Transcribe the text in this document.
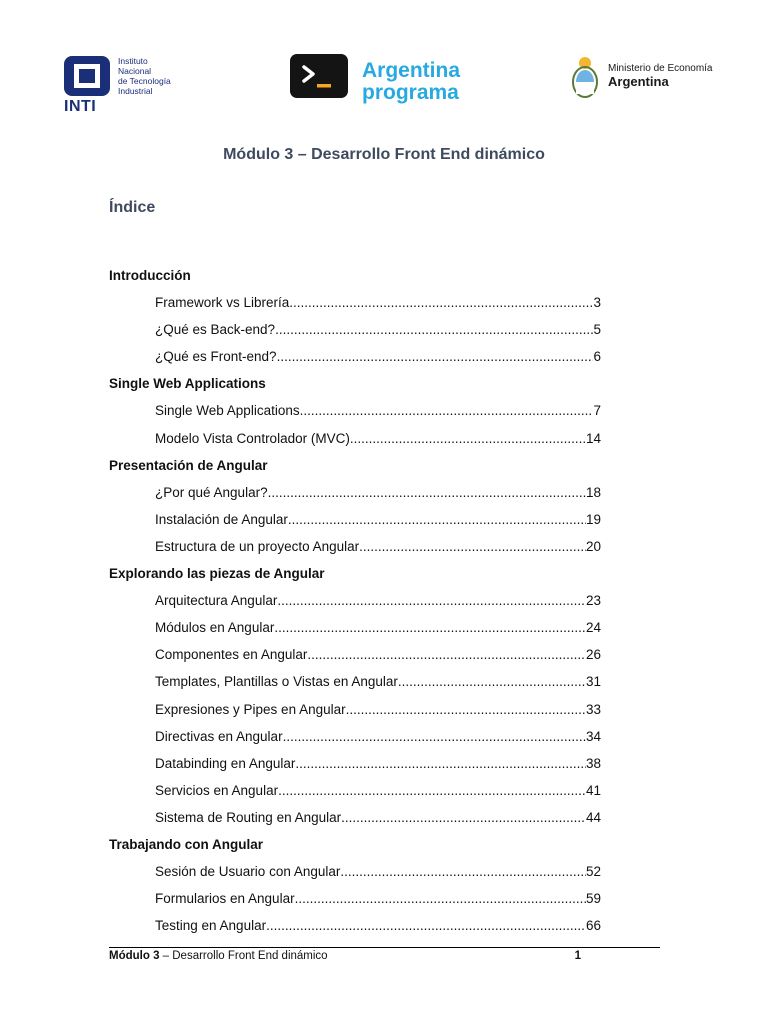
Instituto
Nacional
de Tecnología
Industrial
INTI
Argentina
programa
Ministerio de Economía
Argentina
Módulo 3 – Desarrollo Front End dinámico
Índice
Introducción
Framework vs Librería .....	3
¿Qué es Back-end? .....	5
¿Qué es Front-end? .....	6
Single Web Applications
Single Web Applications .....	7
Modelo Vista Controlador (MVC) .....	14
Presentación de Angular
¿Por qué Angular? .....	18
Instalación de Angular .....	19
Estructura de un proyecto Angular .....	20
Explorando las piezas de Angular
Arquitectura Angular .....	23
Módulos en Angular .....	24
Componentes en Angular .....	26
Templates, Plantillas o Vistas en Angular .....	31
Expresiones y Pipes en Angular .....	33
Directivas en Angular .....	34
Databinding en Angular .....	38
Servicios en Angular .....	41
Sistema de Routing en Angular .....	44
Trabajando con Angular
Sesión de Usuario con Angular .....	52
Formularios en Angular .....	59
Testing en Angular .....	66
Módulo 3 – Desarrollo Front End dinámico	1
